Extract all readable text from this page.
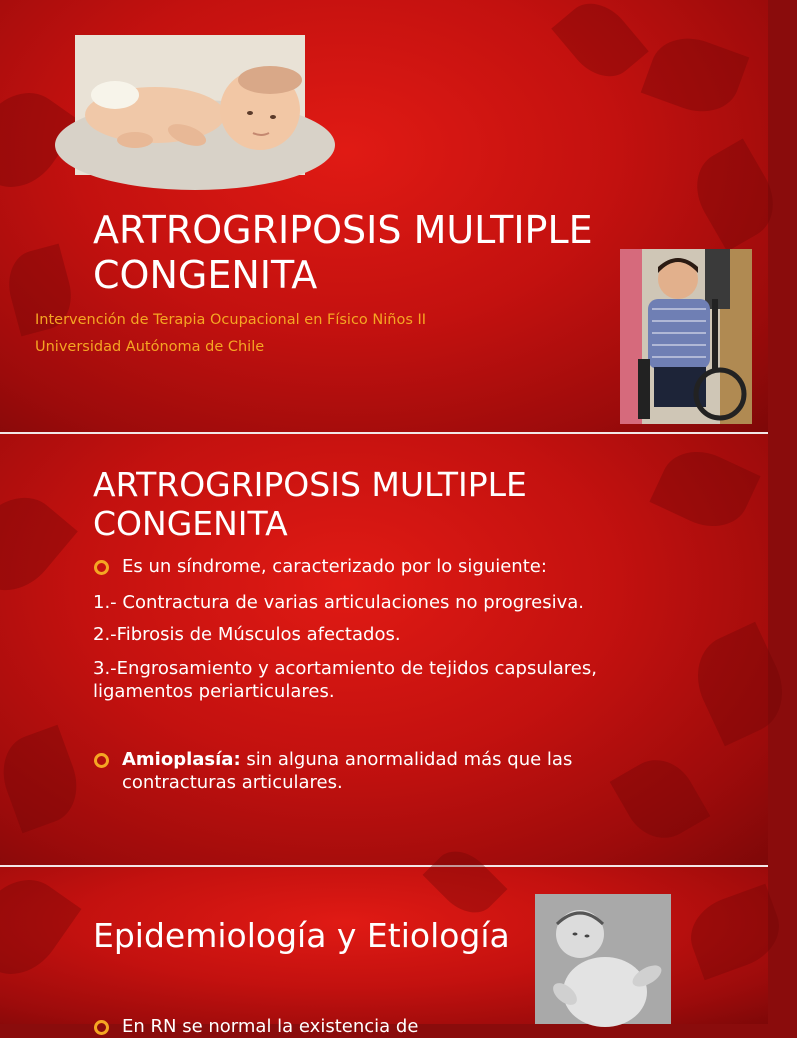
ARTROGRIPOSIS MULTIPLE
CONGENITA

Intervención de Terapia Ocupacional en Físico Niños II

Universidad Autónoma de Chile

ARTROGRIPOSIS MULTIPLE
CONGENITA
Es un síndrome, caracterizado por lo siguiente:
1.- Contractura de varias articulaciones no progresiva.
2.-Fibrosis de Músculos afectados.
3.-Engrosamiento y acortamiento de tejidos capsulares,
ligamentos periarticulares.
Amioplasía: sin alguna anormalidad más que las
contracturas articulares.
Epidemiología y Etiología
En RN se normal la existencia de
